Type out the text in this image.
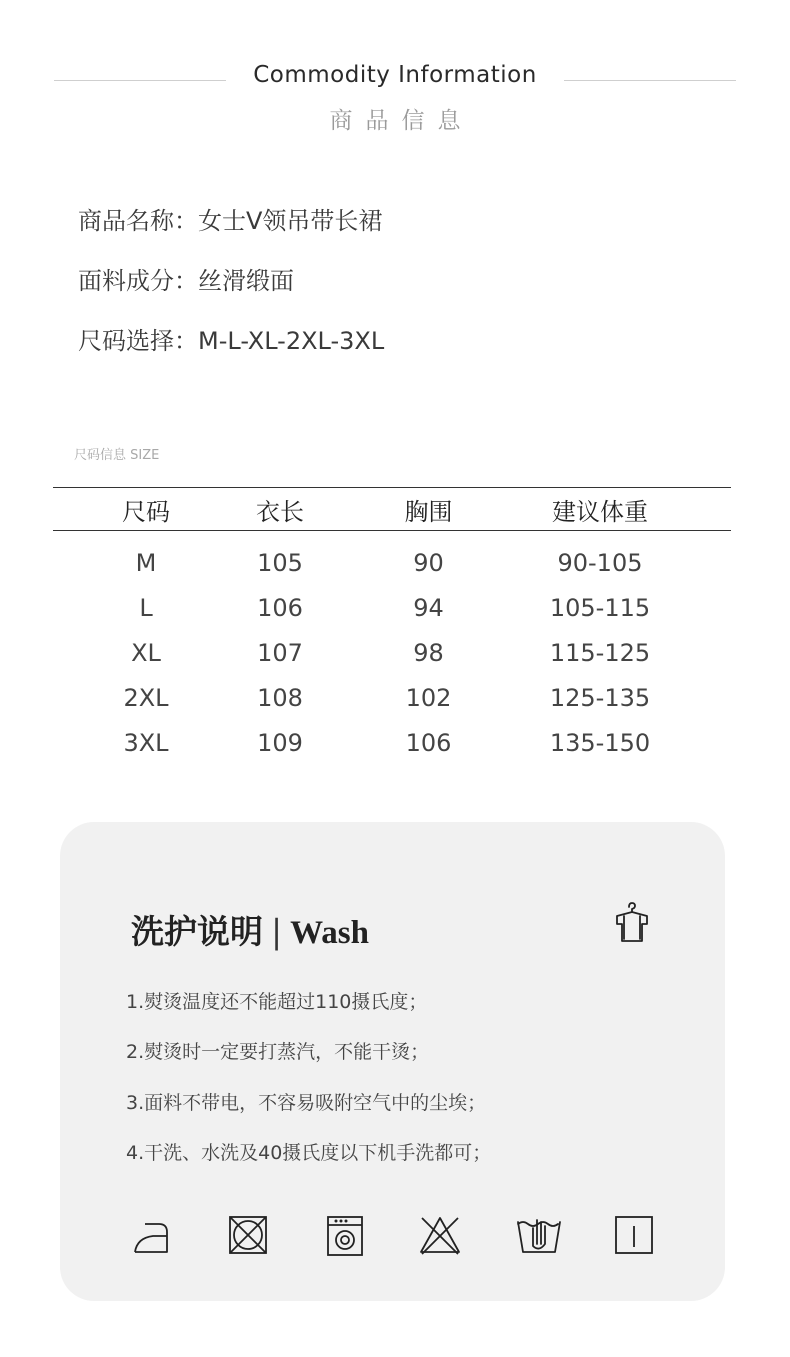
Commodity Information
商品信息
商品名称：女士V领吊带长裙
面料成分：丝滑缎面
尺码选择：M-L-XL-2XL-3XL
尺码信息 SIZE
尺码	衣长	胸围	建议体重
M	105	90	90-105
L	106	94	105-115
XL	107	98	115-125
2XL	108	102	125-135
3XL	109	106	135-150
洗护说明 | Wash
1.熨烫温度还不能超过110摄氏度；
2.熨烫时一定要打蒸汽，不能干烫；
3.面料不带电，不容易吸附空气中的尘埃；
4.干洗、水洗及40摄氏度以下机手洗都可；
